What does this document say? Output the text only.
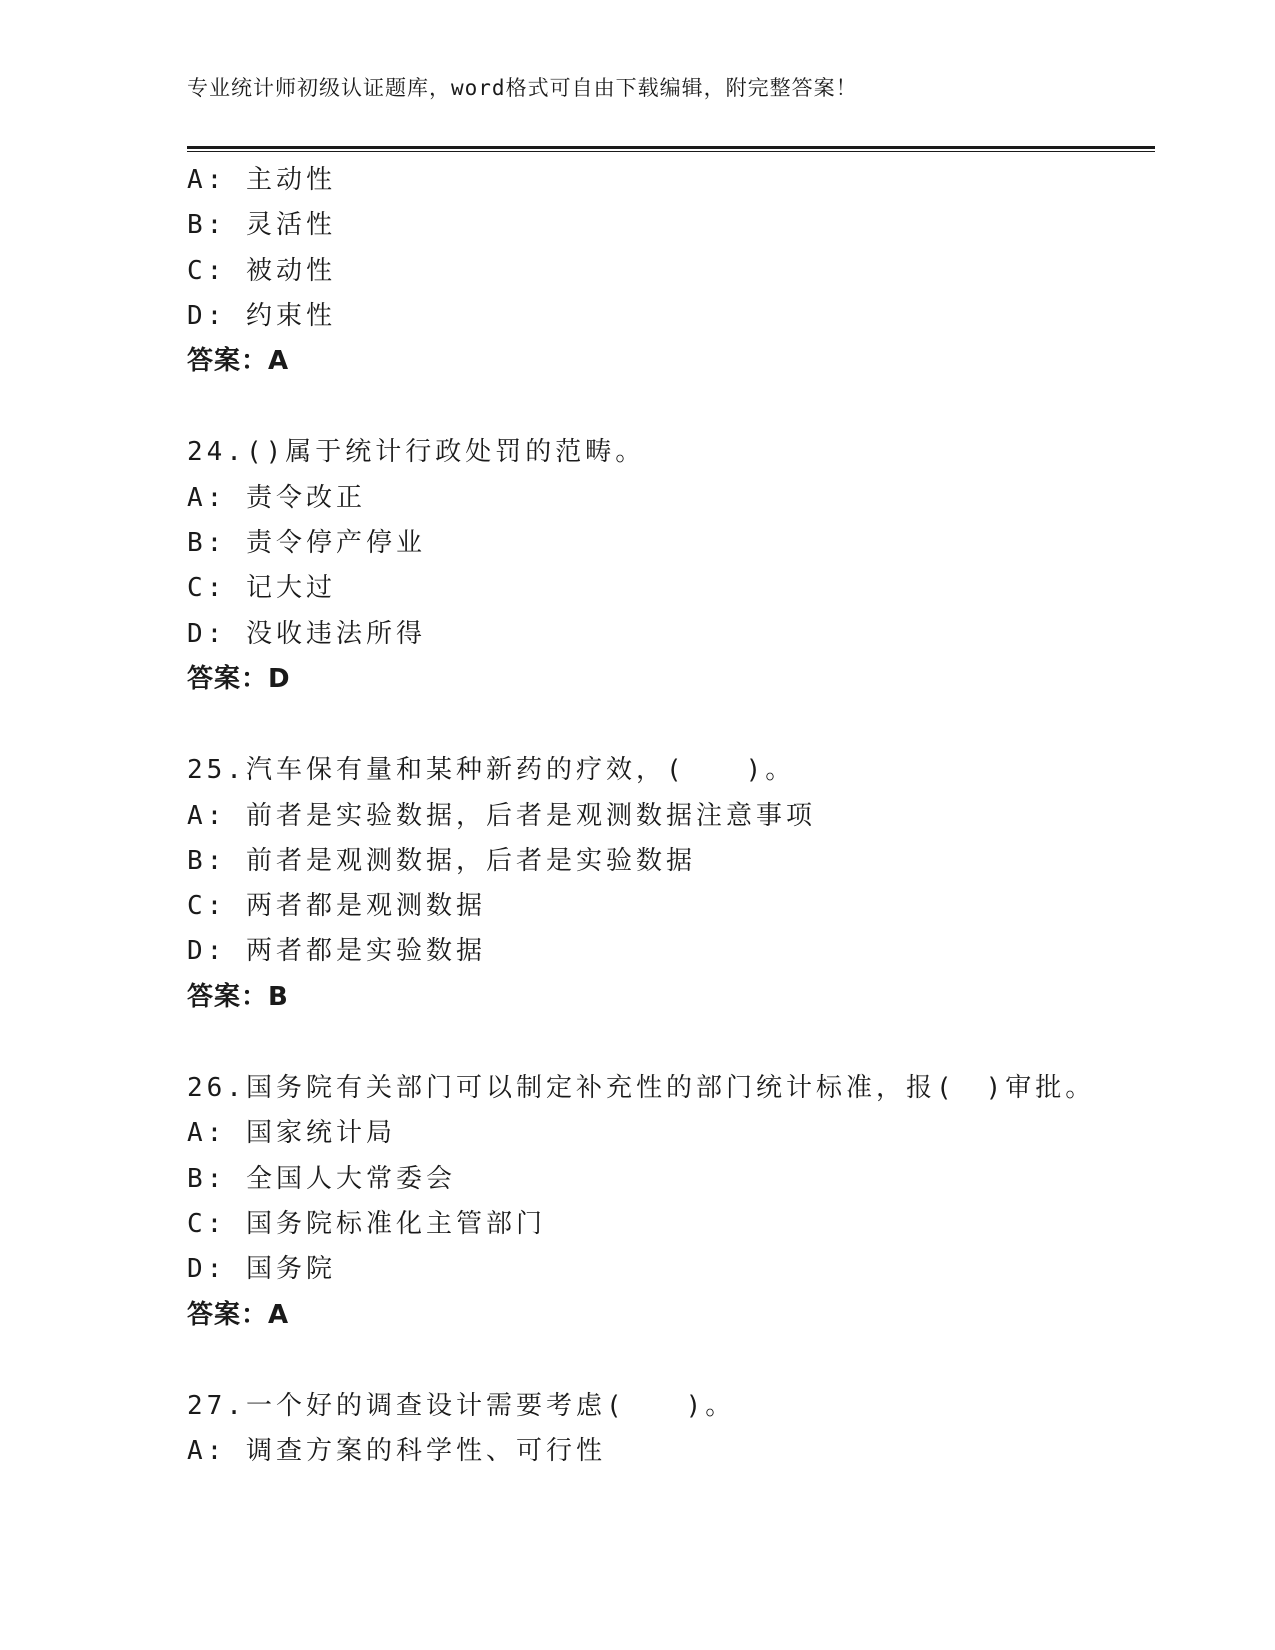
专业统计师初级认证题库，word格式可自由下载编辑，附完整答案！
A: 主动性
B: 灵活性
C: 被动性
D: 约束性
答案：A
24.()属于统计行政处罚的范畴。
A: 责令改正
B: 责令停产停业
C: 记大过
D: 没收违法所得
答案：D
25.汽车保有量和某种新药的疗效，(　　)。
A: 前者是实验数据，后者是观测数据注意事项
B: 前者是观测数据，后者是实验数据
C: 两者都是观测数据
D: 两者都是实验数据
答案：B
26.国务院有关部门可以制定补充性的部门统计标准，报(　)审批。
A: 国家统计局
B: 全国人大常委会
C: 国务院标准化主管部门
D: 国务院
答案：A
27.一个好的调查设计需要考虑(　　)。
A: 调查方案的科学性、可行性
